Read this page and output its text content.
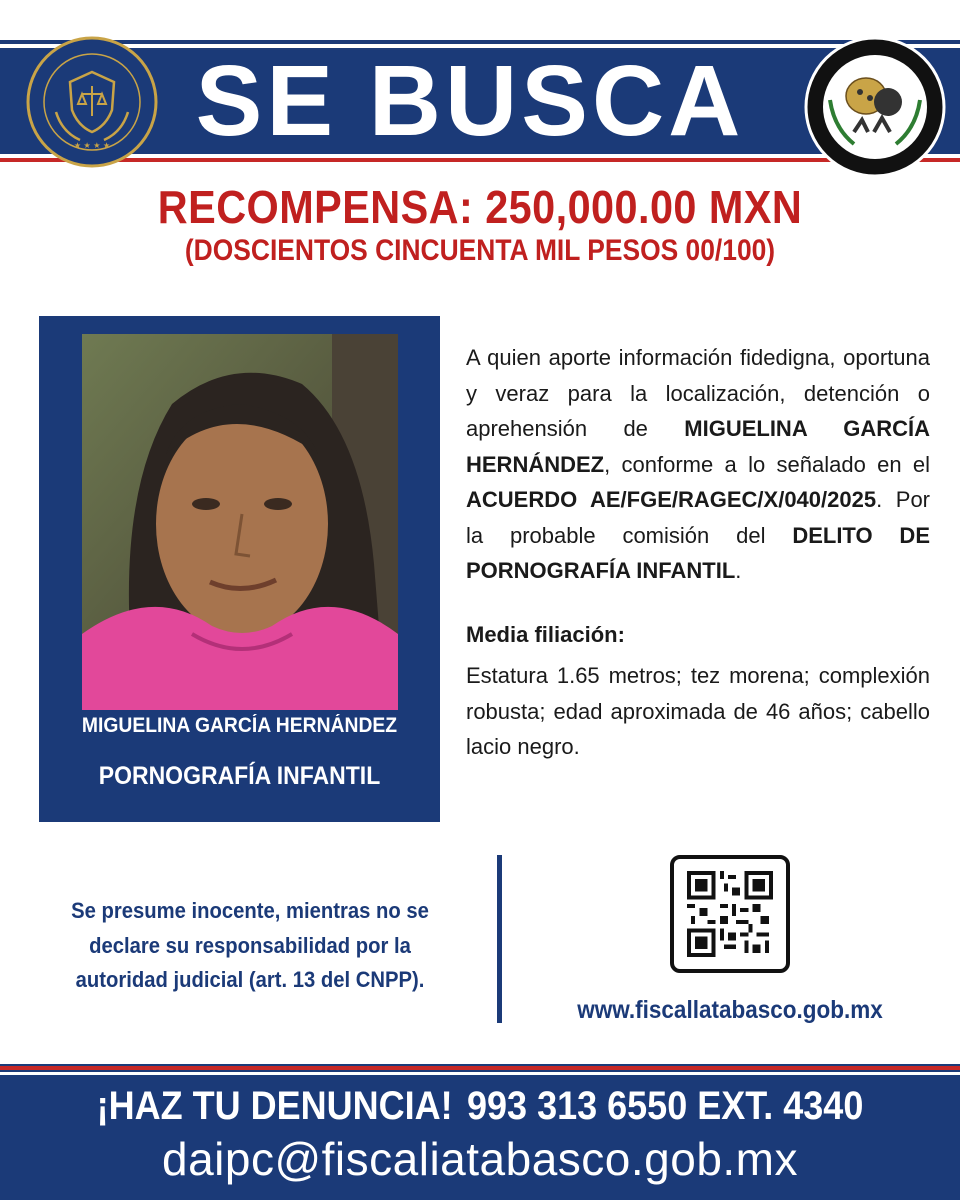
★ ★ ★ ★ SE BUSCA
RECOMPENSA: 250,000.00 MXN
(DOSCIENTOS CINCUENTA MIL PESOS 00/100)
MIGUELINA GARCÍA HERNÁNDEZ
PORNOGRAFÍA INFANTIL
A quien aporte información fidedigna, oportuna y veraz para la localización, detención o aprehensión de MIGUELINA GARCÍA HERNÁNDEZ, conforme a lo señalado en el ACUERDO AE/FGE/RAGEC/X/040/2025. Por la probable comisión del DELITO DE PORNOGRAFÍA INFANTIL.
Media filiación:
Estatura 1.65 metros; tez morena; complexión robusta; edad aproximada de 46 años; cabello lacio negro.
Se presume inocente, mientras no se declare su responsabilidad por la autoridad judicial (art. 13 del CNPP).
www.fiscallatabasco.gob.mx
¡HAZ TU DENUNCIA! 993 313 6550 EXT. 4340
daipc@fiscaliatabasco.gob.mx
